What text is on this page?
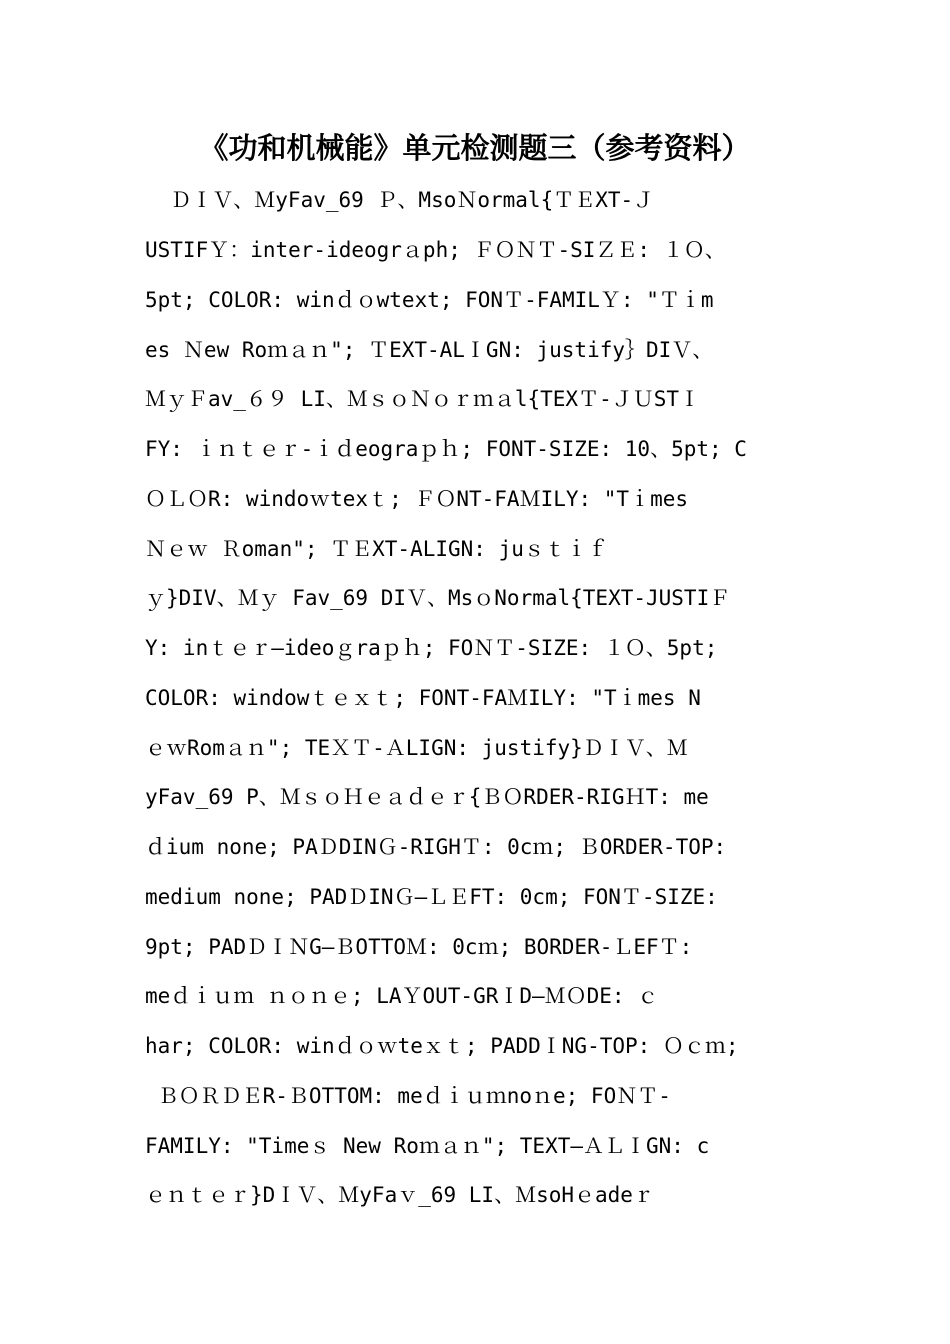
《功和机械能》单元检测题三（参考资料）
ＤＩＶ、ＭyFav_69 Ｐ、MsoＮormal{ＴＥXT-Ｊ
USTIFＹ：inter-ideogrａph; ＦＯＮＴ-SIＺＥ: １Ｏ、
5pt; COLOR: winｄｏwtext; FONＴ-FAMILＹ: "Ｔｉm
es Ｎew Roｍａｎ"; ＴEXT-ALＩGN: justify｝DIＶ、
ＭｙＦav_６９ LI、ＭｓｏＮｏｒｍａl{TEXＴ-ＪＵSTＩ
FY: ｉｎｔｅｒ-ｉｄeograｐｈ; FONT-SIZE: 10、5pt; C
ＯＬＯR: windoｗtexｔ; ＦＯNT-FAＭILY: "Tｉmes
Ｎｅｗ Ｒoman"; ＴＥXT-ALIGN: juｓｔｉｆ
ｙ}DIV、Ｍｙ Fav_69 DIＶ、MsｏNormal{TEXT-JUSTIＦ
Y: inｔｅｒ—ideoｇraｐｈ; FOＮＴ-SIZE: １Ｏ、5pt;
COLOR: windowｔｅｘｔ; FONT-FAＭILY: "Tｉmes N
ｅｗRomａｎ"; TEＸＴ-ＡLIGN: justify}ＤＩＶ、Ｍ
yFav_69 P、ＭｓｏＨｅａｄｅｒ{ＢＯRDER-RIGＨT: me
ｄium none; PAＤDINＧ-RIGHＴ: 0cｍ; ＢORDER-TOP:
medium none; PADＤINＧ—ＬＥFT: 0cm; FONＴ-SIZE:
9pt; PADＤＩＮG—ＢOTTOＭ: 0cｍ; BORDER-ＬEFＴ:
meｄｉｕｍ ｎｏｎｅ; LAＹOUT-GRＩD—ＭＯDE: ｃ
har; COLOR: winｄｏｗteｘｔ; PADDＩNG-TOP: Ｏｃｍ;
ＢＯＲＤＥR-ＢOTTOM: meｄｉｕｍnoｎe; FOＮＴ-
FAMILY: "Timeｓ New Roｍａｎ"; TEXT—ＡＬＩGN: c
ｅｎｔｅｒ}DＩＶ、ＭyFaｖ_69 LI、ＭsoHｅadeｒ
